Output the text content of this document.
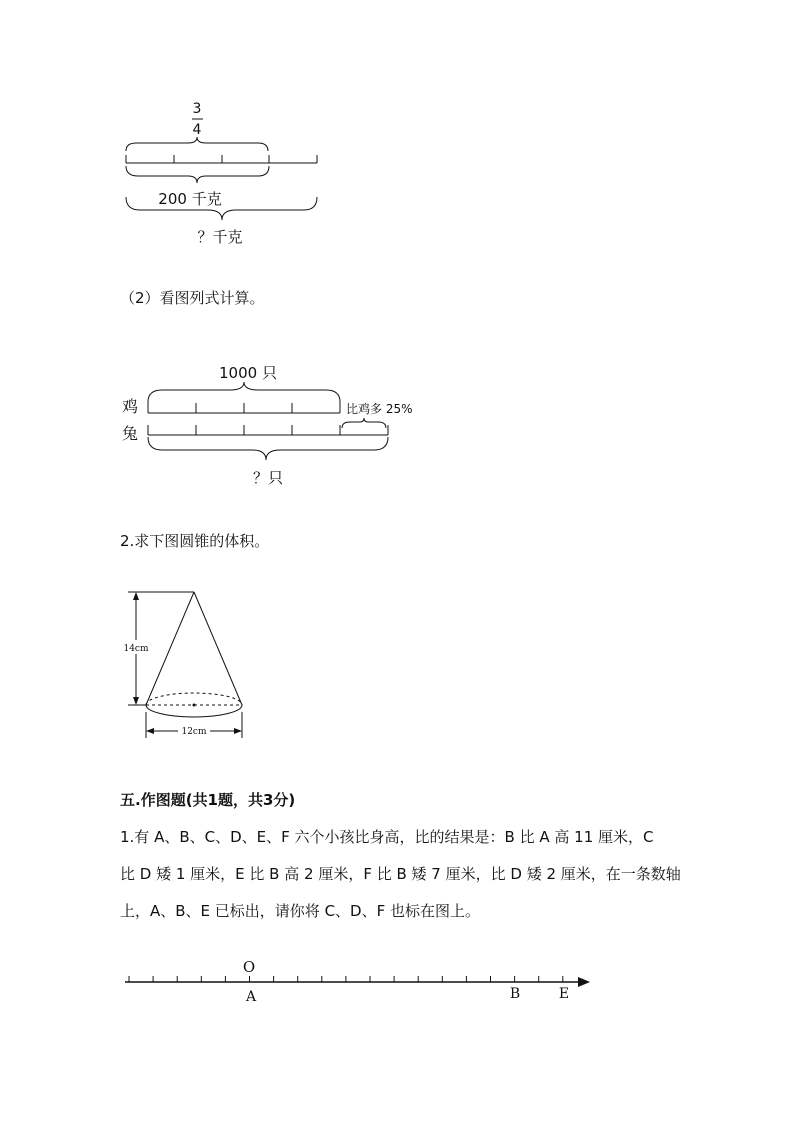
3
4
200 千克
？千克
（2）看图列式计算。
1000 只
鸡	比鸡多 25%
兔
？只
2.求下图圆锥的体积。
14cm
12cm
五.作图题(共1题，共3分)
1.有 A、B、C、D、E、F 六个小孩比身高，比的结果是：B 比 A 高 11 厘米，C
比 D 矮 1 厘米，E 比 B 高 2 厘米，F 比 B 矮 7 厘米，比 D 矮 2 厘米，在一条数轴
上，A、B、E 已标出，请你将 C、D、F 也标在图上。
O
A	B	E
